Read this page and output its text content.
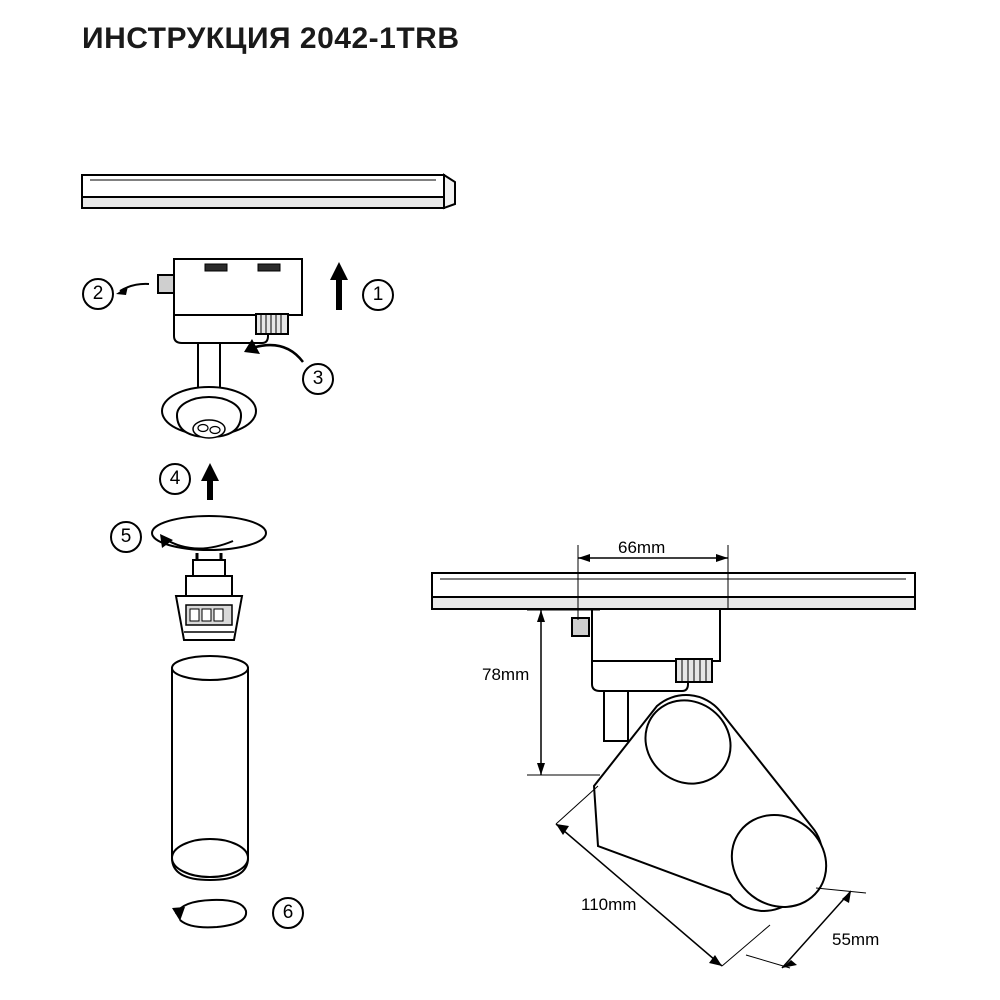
ИНСТРУКЦИЯ 2042-1TRB
1
2
3
4
5
6
66mm
78mm
110mm
55mm
